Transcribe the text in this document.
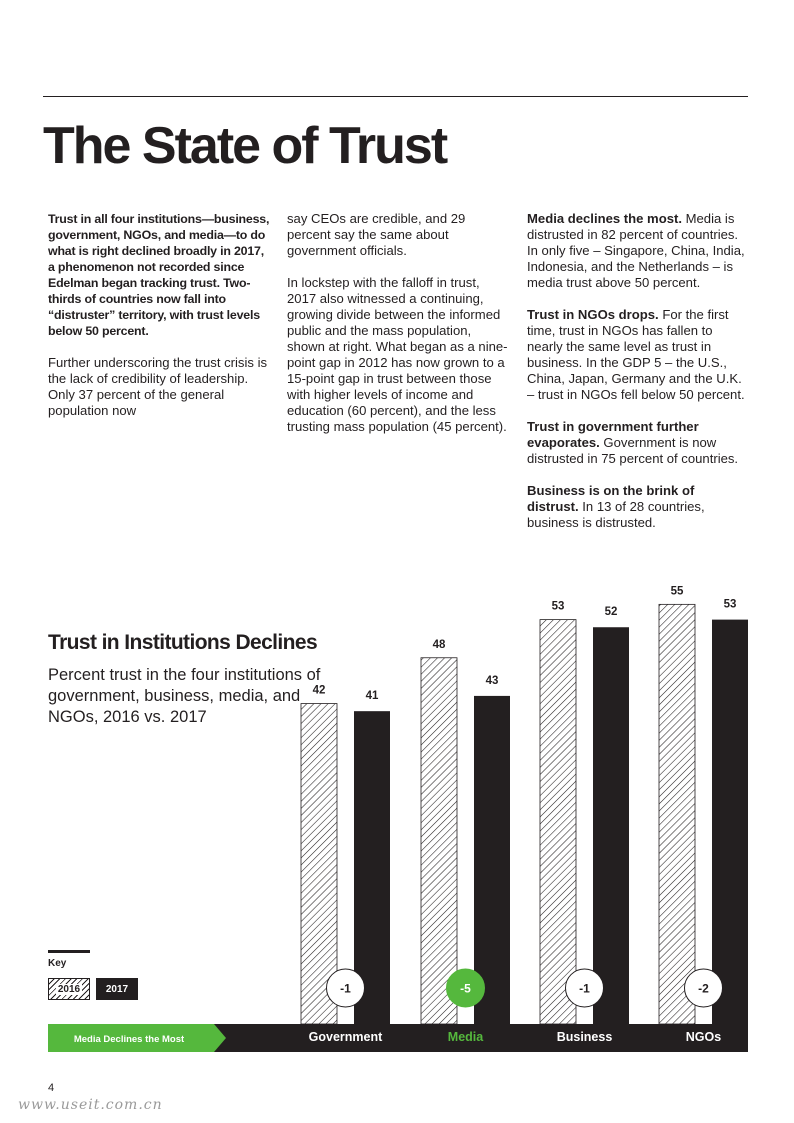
The State of Trust

Trust in all four institutions—business, government, NGOs, and media—to do what is right declined broadly in 2017, a phenomenon not recorded since Edelman began tracking trust. Two-thirds of countries now fall into “distruster” territory, with trust levels below 50 percent.

Further underscoring the trust crisis is the lack of credibility of leadership. Only 37 percent of the general population now

say CEOs are credible, and 29 percent say the same about government officials.

In lockstep with the falloff in trust, 2017 also witnessed a continuing, growing divide between the informed public and the mass population, shown at right. What began as a nine-point gap in 2012 has now grown to a 15-point gap in trust between those with higher levels of income and education (60 percent), and the less trusting mass population (45 percent).

Media declines the most. Media is distrusted in 82 percent of countries. In only five – Singapore, China, India, Indonesia, and the Netherlands – is media trust above 50 percent.

Trust in NGOs drops. For the first time, trust in NGOs has fallen to nearly the same level as trust in business. In the GDP 5 – the U.S., China, Japan, Germany and the U.K. – trust in NGOs fell below 50 percent.

Trust in government further evaporates. Government is now distrusted in 75 percent of countries.

Business is on the brink of distrust. In 13 of 28 countries, business is distrusted.

Trust in Institutions Declines
Percent trust in the four institutions of government, business, media, and NGOs, 2016 vs. 2017
Key
2016	2017
Media Declines the Most
42	41
-1
Government
48
43
-5
Media
53	52
-1
Business
55
53
-2
NGOs
4
www.useit.com.cn
